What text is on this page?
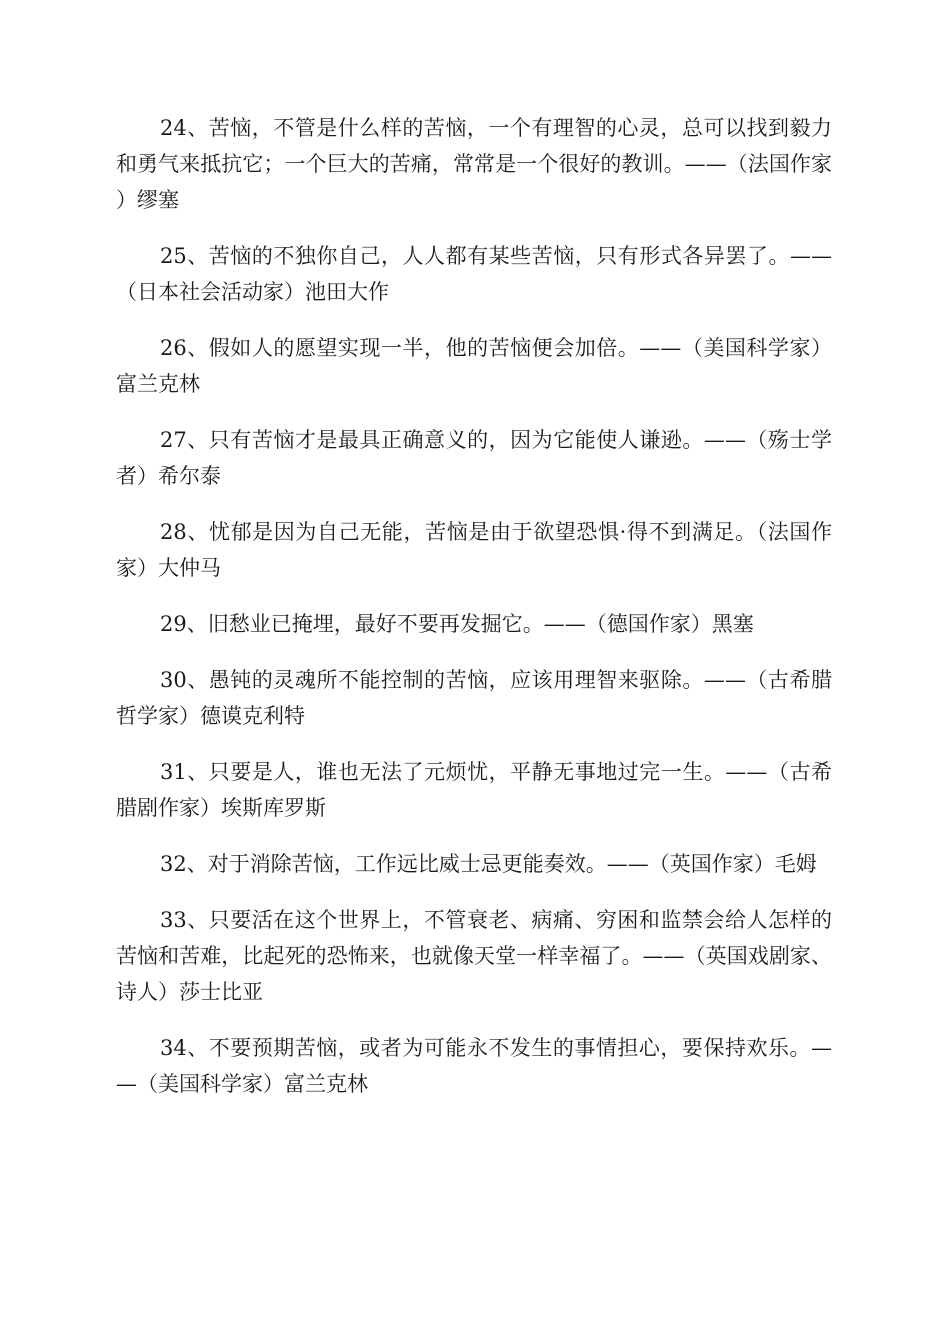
24、苦恼，不管是什么样的苦恼，一个有理智的心灵，总可以找到毅力和勇气来抵抗它；一个巨大的苦痛，常常是一个很好的教训。——（法国作家）缪塞

25、苦恼的不独你自己，人人都有某些苦恼，只有形式各异罢了。——（日本社会活动家）池田大作

26、假如人的愿望实现一半，他的苦恼便会加倍。——（美国科学家）富兰克林

27、只有苦恼才是最具正确意义的，因为它能使人谦逊。——（殇士学者）希尔泰

28、忧郁是因为自己无能，苦恼是由于欲望恐惧·得不到满足。（法国作家）大仲马

29、旧愁业已掩埋，最好不要再发掘它。——（德国作家）黑塞

30、愚钝的灵魂所不能控制的苦恼，应该用理智来驱除。——（古希腊哲学家）德谟克利特

31、只要是人，谁也无法了元烦忧，平静无事地过完一生。——（古希腊剧作家）埃斯库罗斯

32、对于消除苦恼，工作远比威士忌更能奏效。——（英国作家）毛姆

33、只要活在这个世界上，不管衰老、病痛、穷困和监禁会给人怎样的苦恼和苦难，比起死的恐怖来，也就像天堂一样幸福了。——（英国戏剧家、诗人）莎士比亚

34、不要预期苦恼，或者为可能永不发生的事情担心，要保持欢乐。——（美国科学家）富兰克林
